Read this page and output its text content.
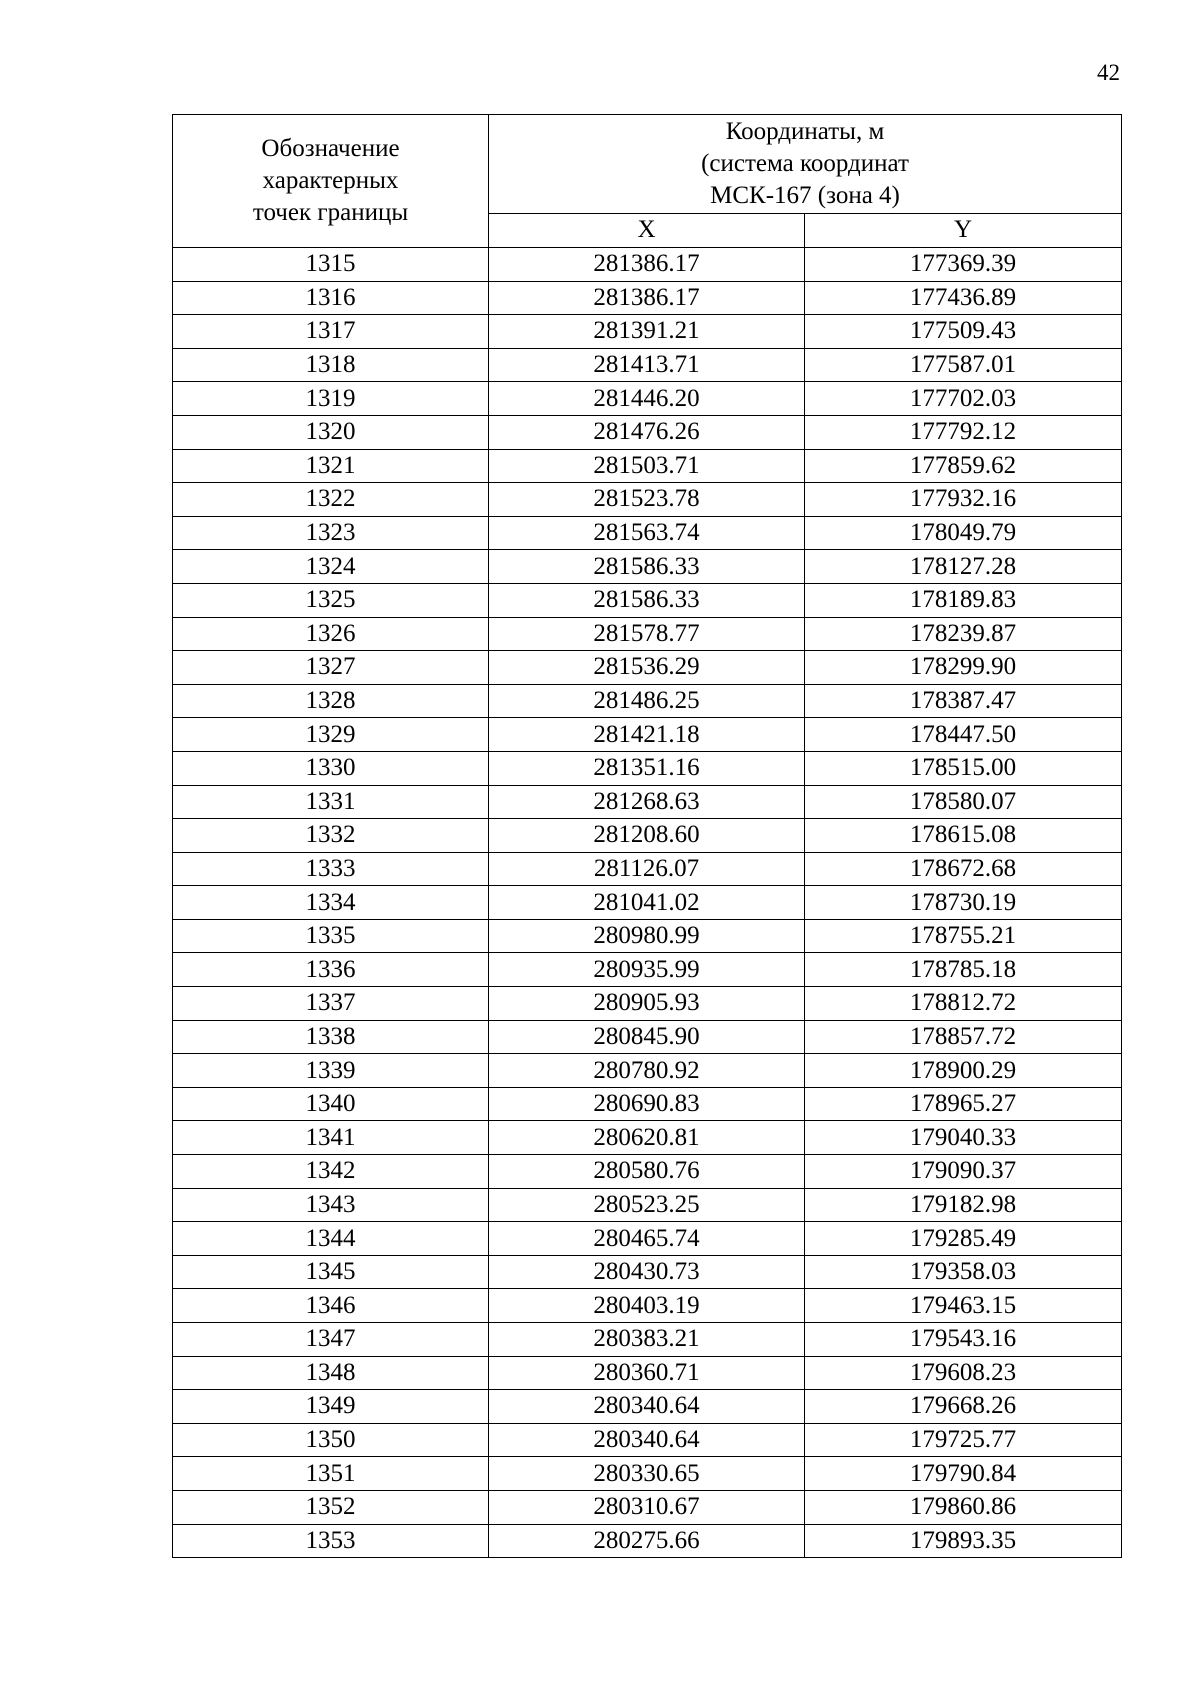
42
Обозначение
характерных
точек границы	Координаты, м
(система координат
МСК-167 (зона 4)	

	X	Y
1315	281386.17	177369.39
1316	281386.17	177436.89
1317	281391.21	177509.43
1318	281413.71	177587.01
1319	281446.20	177702.03
1320	281476.26	177792.12
1321	281503.71	177859.62
1322	281523.78	177932.16
1323	281563.74	178049.79
1324	281586.33	178127.28
1325	281586.33	178189.83
1326	281578.77	178239.87
1327	281536.29	178299.90
1328	281486.25	178387.47
1329	281421.18	178447.50
1330	281351.16	178515.00
1331	281268.63	178580.07
1332	281208.60	178615.08
1333	281126.07	178672.68
1334	281041.02	178730.19
1335	280980.99	178755.21
1336	280935.99	178785.18
1337	280905.93	178812.72
1338	280845.90	178857.72
1339	280780.92	178900.29
1340	280690.83	178965.27
1341	280620.81	179040.33
1342	280580.76	179090.37
1343	280523.25	179182.98
1344	280465.74	179285.49
1345	280430.73	179358.03
1346	280403.19	179463.15
1347	280383.21	179543.16
1348	280360.71	179608.23
1349	280340.64	179668.26
1350	280340.64	179725.77
1351	280330.65	179790.84
1352	280310.67	179860.86
1353	280275.66	179893.35
